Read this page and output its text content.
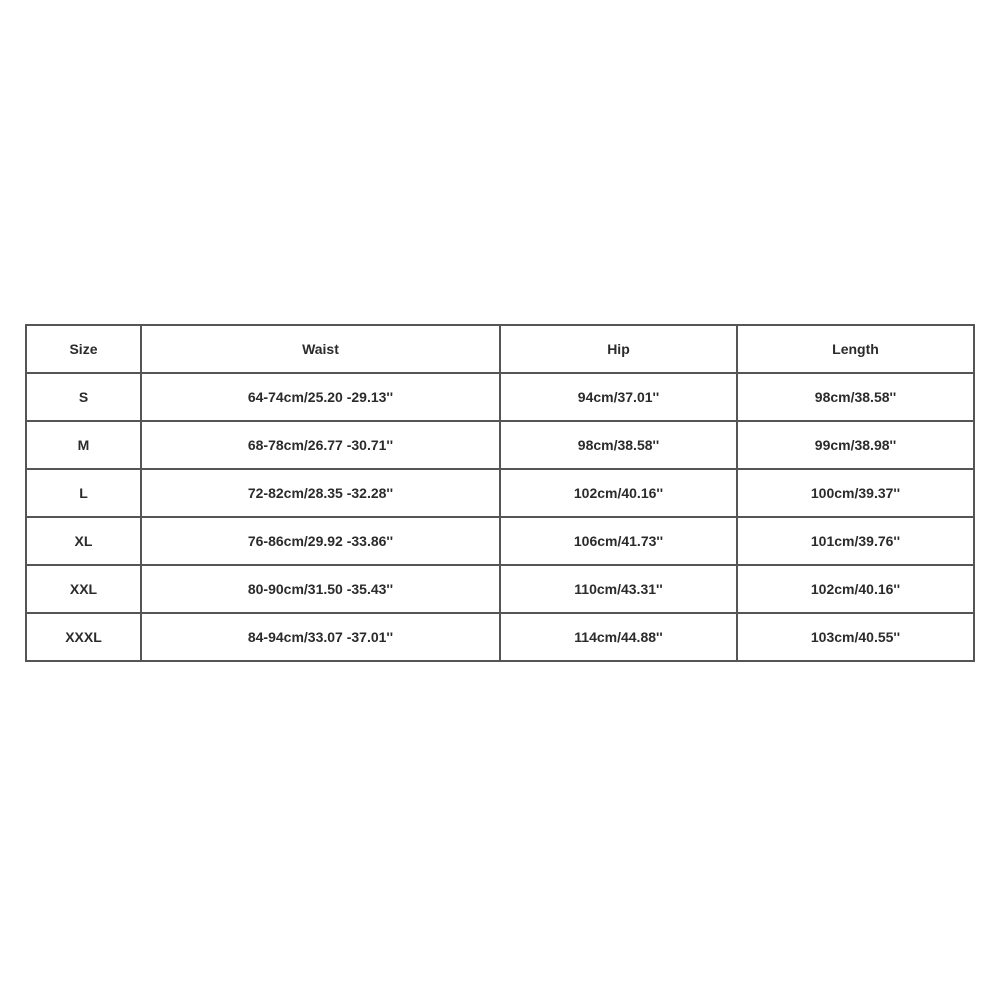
Size	Waist	Hip	Length
S	64-74cm/25.20 -29.13''	94cm/37.01''	98cm/38.58''
M	68-78cm/26.77 -30.71''	98cm/38.58''	99cm/38.98''
L	72-82cm/28.35 -32.28''	102cm/40.16''	100cm/39.37''
XL	76-86cm/29.92 -33.86''	106cm/41.73''	101cm/39.76''
XXL	80-90cm/31.50 -35.43''	110cm/43.31''	102cm/40.16''
XXXL	84-94cm/33.07 -37.01''	114cm/44.88''	103cm/40.55''
